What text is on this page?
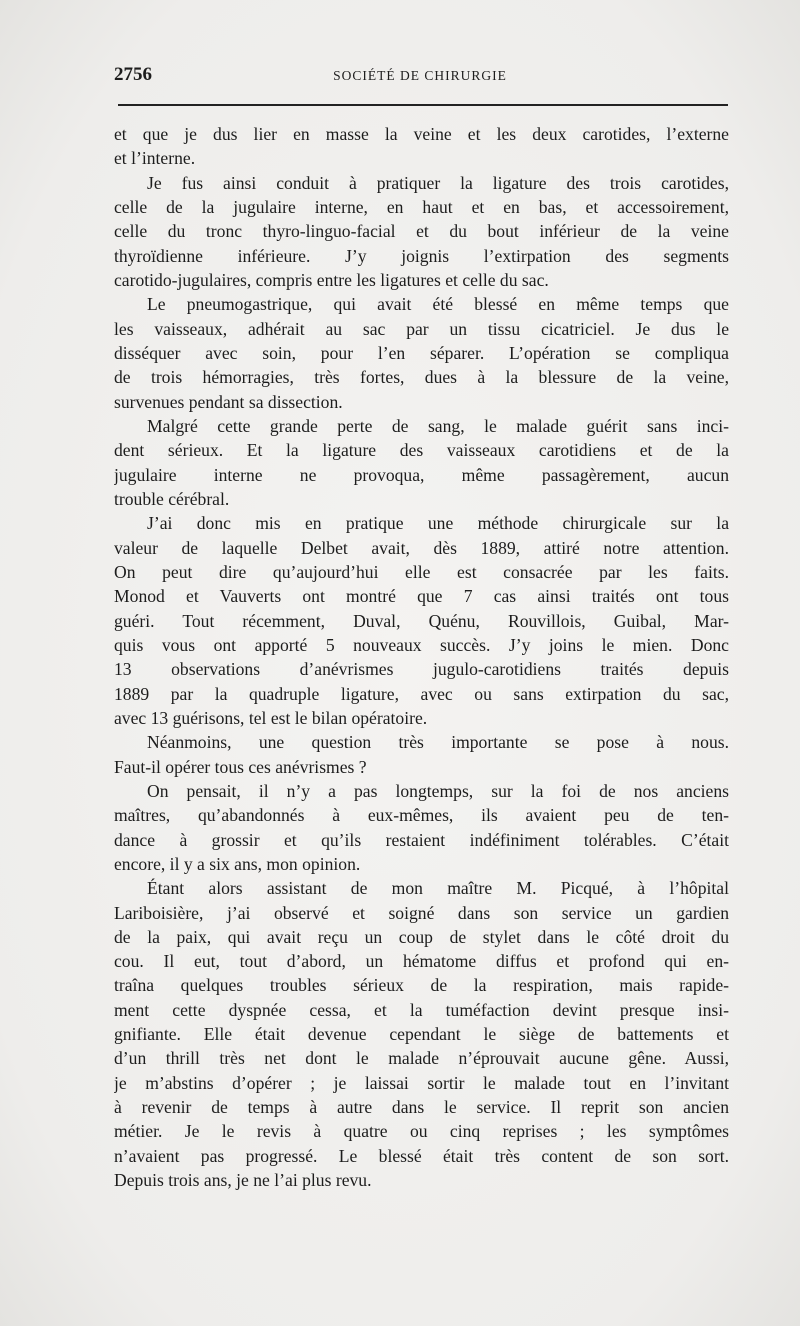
2756	SOCIÉTÉ DE CHIRURGIE
et que je dus lier en masse la veine et les deux carotides, l’externe
et l’interne.
Je fus ainsi conduit à pratiquer la ligature des trois carotides,
celle de la jugulaire interne, en haut et en bas, et accessoirement,
celle du tronc thyro-linguo-facial et du bout inférieur de la veine
thyroïdienne inférieure. J’y joignis l’extirpation des segments
carotido-jugulaires, compris entre les ligatures et celle du sac.
Le pneumogastrique, qui avait été blessé en même temps que
les vaisseaux, adhérait au sac par un tissu cicatriciel. Je dus le
disséquer avec soin, pour l’en séparer. L’opération se compliqua
de trois hémorragies, très fortes, dues à la blessure de la veine,
survenues pendant sa dissection.
Malgré cette grande perte de sang, le malade guérit sans inci-
dent sérieux. Et la ligature des vaisseaux carotidiens et de la
jugulaire interne ne provoqua, même passagèrement, aucun
trouble cérébral.
J’ai donc mis en pratique une méthode chirurgicale sur la
valeur de laquelle Delbet avait, dès 1889, attiré notre attention.
On peut dire qu’aujourd’hui elle est consacrée par les faits.
Monod et Vauverts ont montré que 7 cas ainsi traités ont tous
guéri. Tout récemment, Duval, Quénu, Rouvillois, Guibal, Mar-
quis vous ont apporté 5 nouveaux succès. J’y joins le mien. Donc
13 observations d’anévrismes jugulo-carotidiens traités depuis
1889 par la quadruple ligature, avec ou sans extirpation du sac,
avec 13 guérisons, tel est le bilan opératoire.
Néanmoins, une question très importante se pose à nous.
Faut-il opérer tous ces anévrismes ?
On pensait, il n’y a pas longtemps, sur la foi de nos anciens
maîtres, qu’abandonnés à eux-mêmes, ils avaient peu de ten-
dance à grossir et qu’ils restaient indéfiniment tolérables. C’était
encore, il y a six ans, mon opinion.
Étant alors assistant de mon maître M. Picqué, à l’hôpital
Lariboisière, j’ai observé et soigné dans son service un gardien
de la paix, qui avait reçu un coup de stylet dans le côté droit du
cou. Il eut, tout d’abord, un hématome diffus et profond qui en-
traîna quelques troubles sérieux de la respiration, mais rapide-
ment cette dyspnée cessa, et la tuméfaction devint presque insi-
gnifiante. Elle était devenue cependant le siège de battements et
d’un thrill très net dont le malade n’éprouvait aucune gêne. Aussi,
je m’abstins d’opérer ; je laissai sortir le malade tout en l’invitant
à revenir de temps à autre dans le service. Il reprit son ancien
métier. Je le revis à quatre ou cinq reprises ; les symptômes
n’avaient pas progressé. Le blessé était très content de son sort.
Depuis trois ans, je ne l’ai plus revu.
